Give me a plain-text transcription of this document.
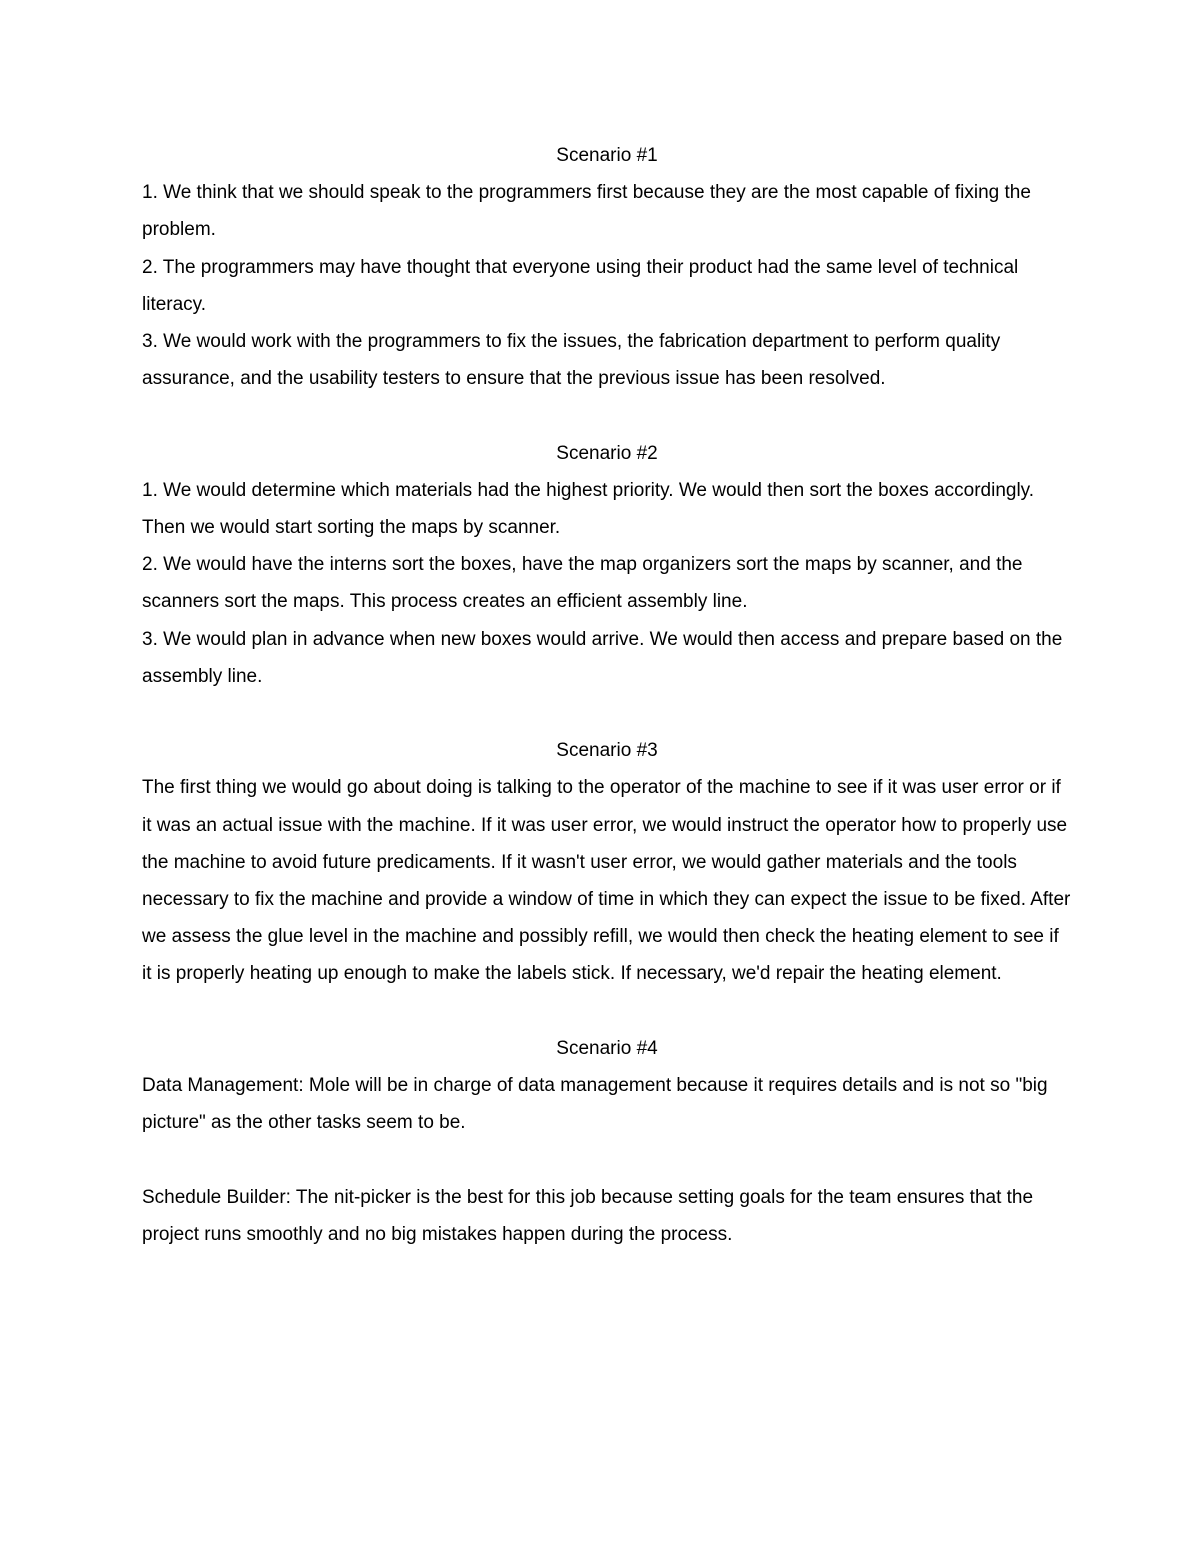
Scenario #1

1. We think that we should speak to the programmers first because they are the most capable of fixing the problem.

2. The programmers may have thought that everyone using their product had the same level of technical literacy.

3. We would work with the programmers to fix the issues, the fabrication department to perform quality assurance, and the usability testers to ensure that the previous issue has been resolved.

Scenario #2

1. We would determine which materials had the highest priority. We would then sort the boxes accordingly. Then we would start sorting the maps by scanner.

2. We would have the interns sort the boxes, have the map organizers sort the maps by scanner, and the scanners sort the maps. This process creates an efficient assembly line.

3. We would plan in advance when new boxes would arrive. We would then access and prepare based on the assembly line.

Scenario #3

The first thing we would go about doing is talking to the operator of the machine to see if it was user error or if it was an actual issue with the machine. If it was user error, we would instruct the operator how to properly use the machine to avoid future predicaments. If it wasn't user error, we would gather materials and the tools necessary to fix the machine and provide a window of time in which they can expect the issue to be fixed. After we assess the glue level in the machine and possibly refill, we would then check the heating element to see if it is properly heating up enough to make the labels stick. If necessary, we'd repair the heating element.

Scenario #4

Data Management: Mole will be in charge of data management because it requires details and is not so "big picture" as the other tasks seem to be.

Schedule Builder: The nit-picker is the best for this job because setting goals for the team ensures that the project runs smoothly and no big mistakes happen during the process.
